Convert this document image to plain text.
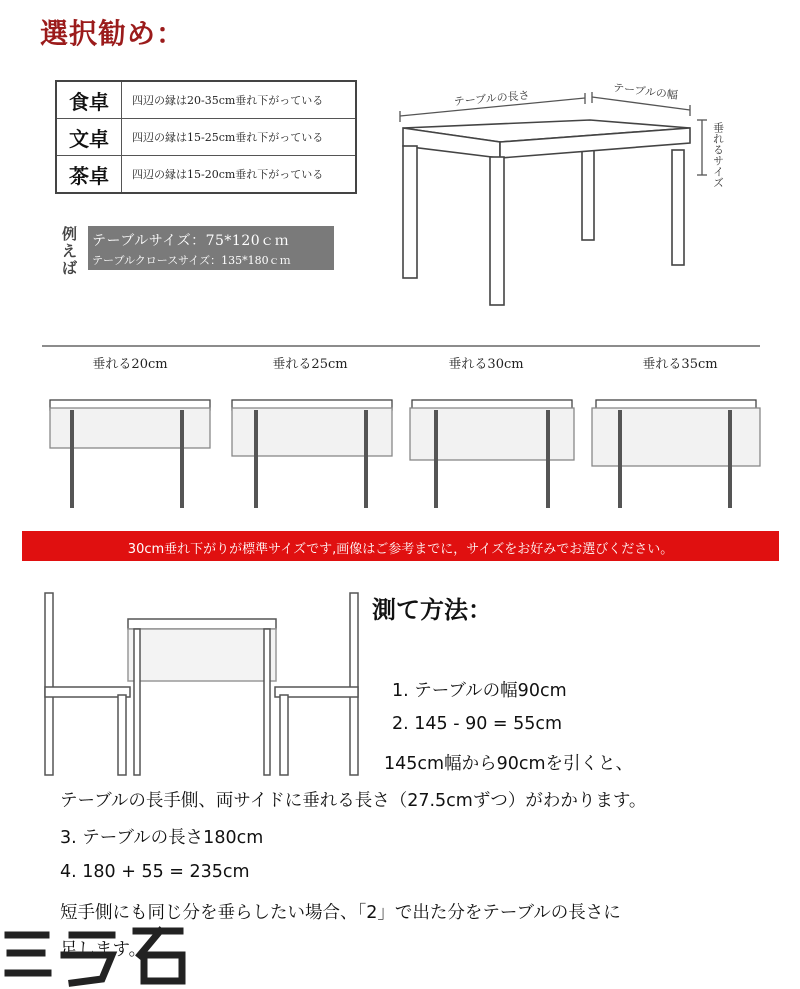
選択勧め：
食卓	四辺の縁は20-35cm垂れ下がっている
文卓	四辺の縁は15-25cm垂れ下がっている
茶卓	四辺の縁は15-20cm垂れ下がっている
例えば
テーブルサイズ：75*120ｃｍ
テーブルクロースサイズ：135*180ｃｍ
テーブルの長さ	テーブルの幅
垂れるサイズ
垂れる20cm	垂れる25cm	垂れる30cm	垂れる35cm
30cm垂れ下がりが標準サイズです,画像はご参考までに，サイズをお好みでお選びください。
測て方法：
1. テーブルの幅90cm
2. 145 - 90 = 55cm
145cm幅から90cmを引くと、
テーブルの長手側、両サイドに垂れる長さ（27.5cmずつ）がわかります。
3. テーブルの長さ180cm
4. 180 + 55 = 235cm
短手側にも同じ分を垂らしたい場合、「2」で出た分をテーブルの長さに
足します。
